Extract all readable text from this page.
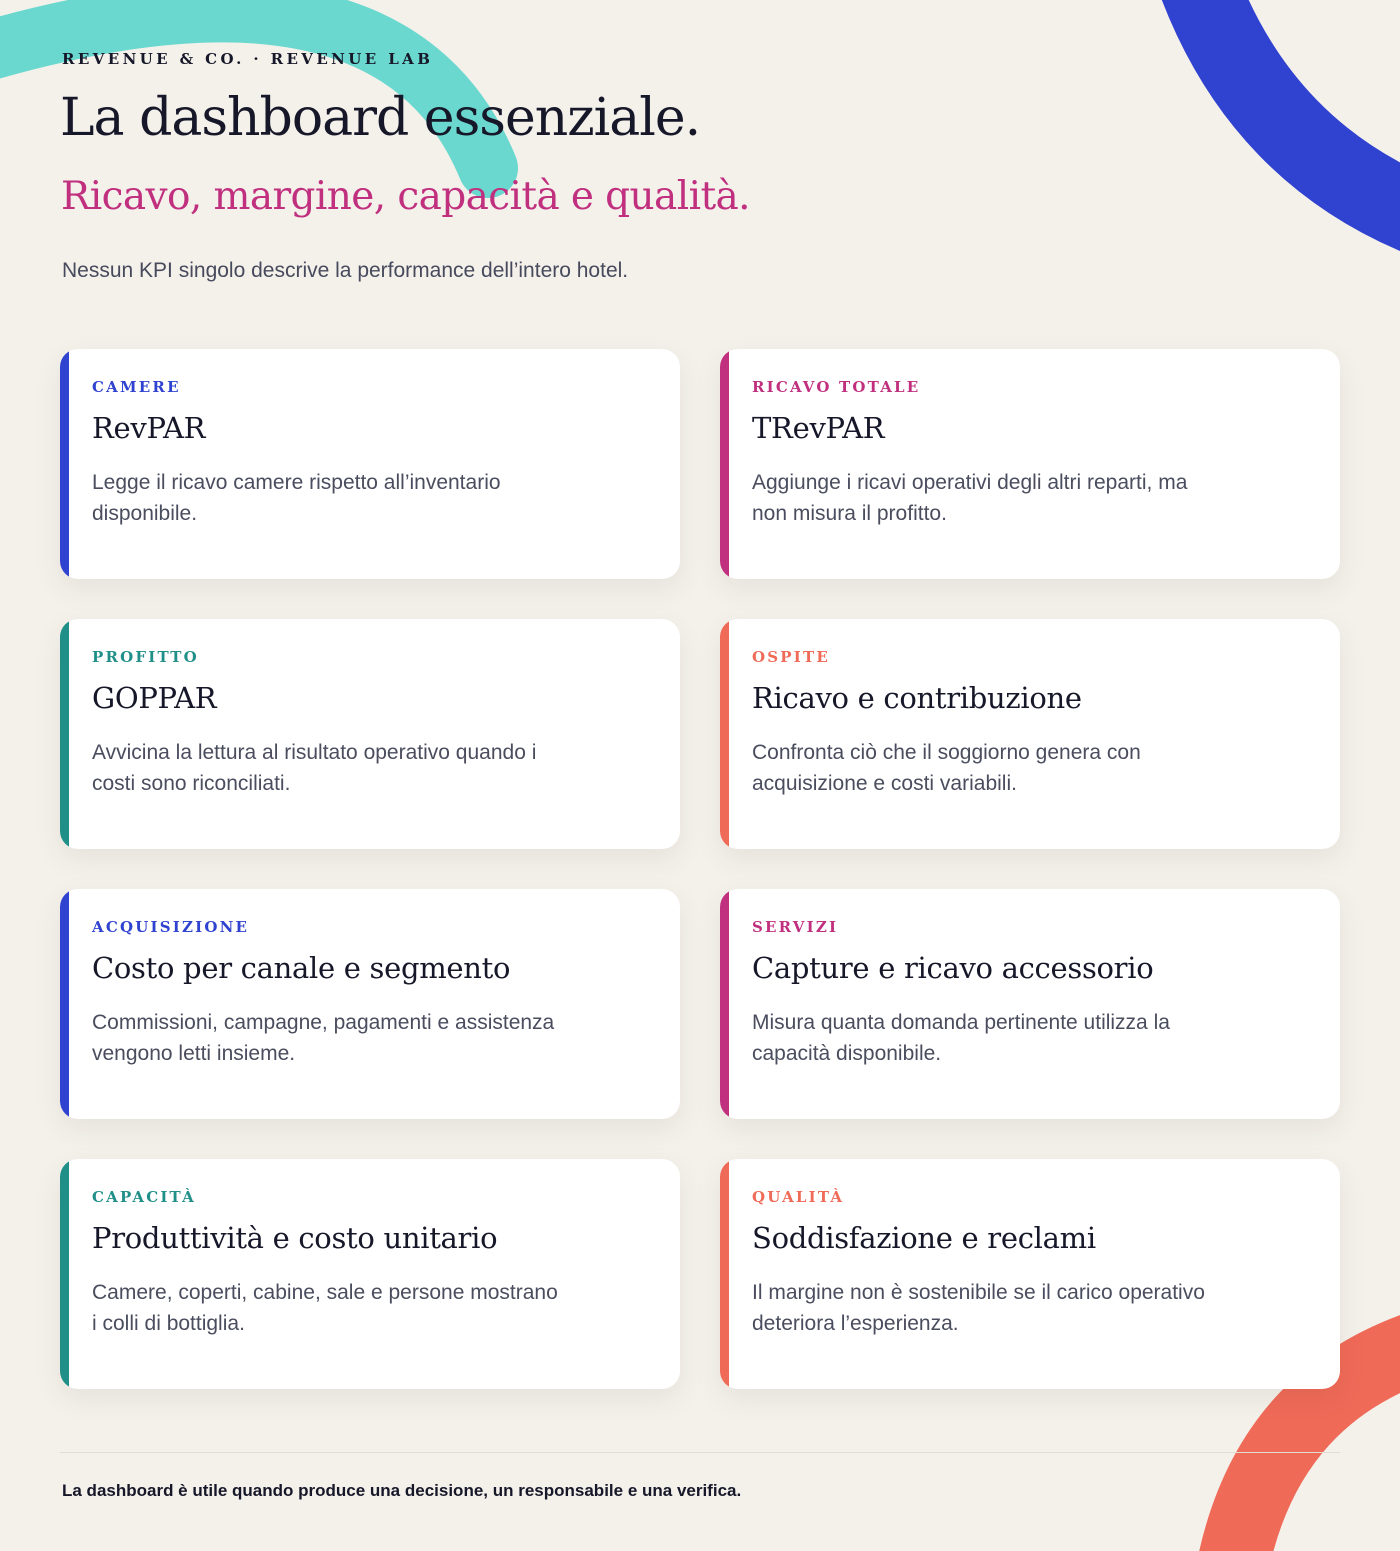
REVENUE & CO. · REVENUE LAB

La dashboard essenziale.
Ricavo, margine, capacità e qualità.

Nessun KPI singolo descrive la performance dell’intero hotel.

CAMERE

RevPAR

Legge il ricavo camere rispetto all’inventario disponibile.

RICAVO TOTALE

TRevPAR

Aggiunge i ricavi operativi degli altri reparti, ma non misura il profitto.

PROFITTO

GOPPAR

Avvicina la lettura al risultato operativo quando i costi sono riconciliati.

OSPITE

Ricavo e contribuzione

Confronta ciò che il soggiorno genera con acquisizione e costi variabili.

ACQUISIZIONE

Costo per canale e segmento

Commissioni, campagne, pagamenti e assistenza vengono letti insieme.

SERVIZI

Capture e ricavo accessorio

Misura quanta domanda pertinente utilizza la capacità disponibile.

CAPACITÀ

Produttività e costo unitario

Camere, coperti, cabine, sale e persone mostrano i colli di bottiglia.

QUALITÀ

Soddisfazione e reclami

Il margine non è sostenibile se il carico operativo deteriora l’esperienza.

La dashboard è utile quando produce una decisione, un responsabile e una verifica.
